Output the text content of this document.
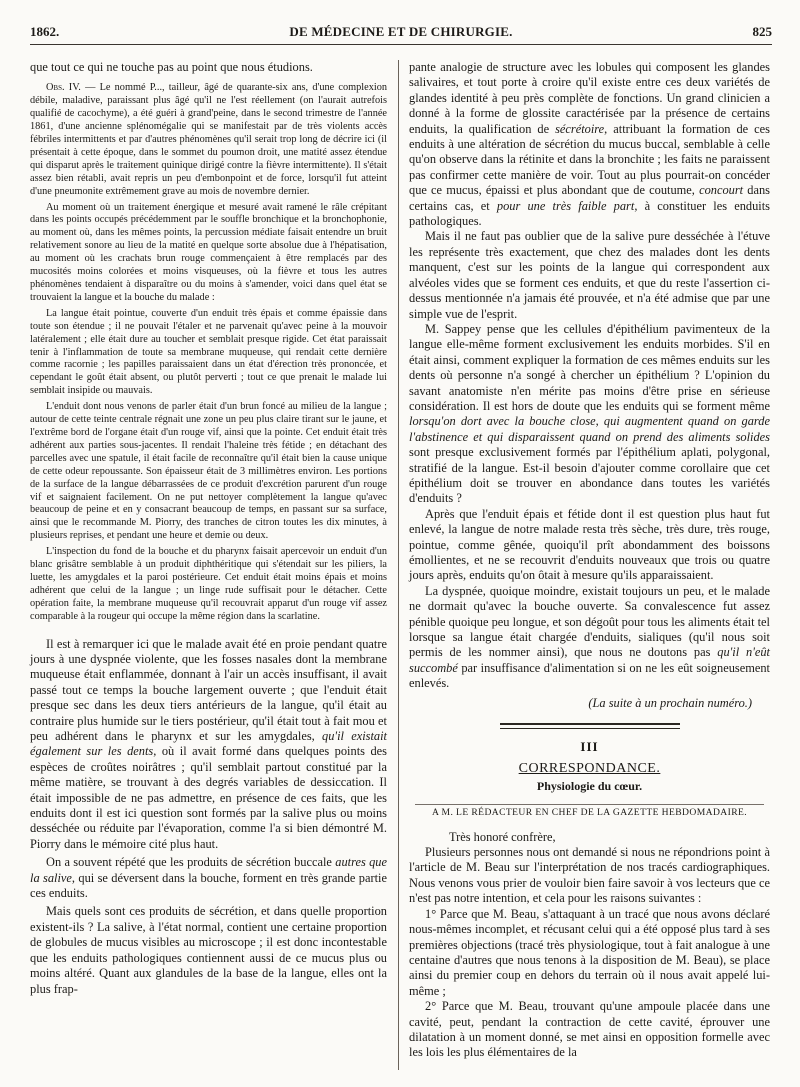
1862.	DE MÉDECINE ET DE CHIRURGIE.	825

que tout ce qui ne touche pas au point que nous étudions.

Obs. IV. — Le nommé P..., tailleur, âgé de quarante-six ans, d'une complexion débile, maladive, paraissant plus âgé qu'il ne l'est réellement (on l'aurait autrefois qualifié de cacochyme), a été guéri à grand'peine, dans le second trimestre de l'année 1861, d'une ancienne splénomégalie qui se manifestait par de très violents accès fébriles intermittents et par d'autres phénomènes qu'il serait trop long de décrire ici (il présentait à cette époque, dans le sommet du poumon droit, une matité assez étendue qui disparut après le traitement quinique dirigé contre la fièvre intermittente). Il s'était assez bien rétabli, avait repris un peu d'embonpoint et de force, lorsqu'il fut atteint d'une pneumonite extrêmement grave au mois de novembre dernier.

Au moment où un traitement énergique et mesuré avait ramené le râle crépitant dans les points occupés précédemment par le souffle bronchique et la bronchophonie, au moment où, dans les mêmes points, la percussion médiate faisait entendre un bruit relativement sonore au lieu de la matité en quelque sorte absolue due à l'hépatisation, au moment où les crachats brun rouge commençaient à être remplacés par des mucosités moins colorées et moins visqueuses, où la fièvre et tous les autres phénomènes tendaient à disparaître ou du moins à s'amender, voici dans quel état se trouvaient la langue et la bouche du malade :

La langue était pointue, couverte d'un enduit très épais et comme épaissie dans toute son étendue ; il ne pouvait l'étaler et ne parvenait qu'avec peine à la mouvoir latéralement ; elle était dure au toucher et semblait presque rigide. Cet état paraissait tenir à l'inflammation de toute sa membrane muqueuse, qui rendait cette dernière comme racornie ; les papilles paraissaient dans un état d'érection très prononcée, et cependant le goût était absent, ou plutôt perverti ; tout ce que prenait le malade lui semblait insipide ou mauvais.

L'enduit dont nous venons de parler était d'un brun foncé au milieu de la langue ; autour de cette teinte centrale régnait une zone un peu plus claire tirant sur le jaune, et l'extrême bord de l'organe était d'un rouge vif, ainsi que la pointe. Cet enduit était très adhérent aux parties sous-jacentes. Il rendait l'haleine très fétide ; en détachant des parcelles avec une spatule, il était facile de reconnaître qu'il était bien la cause unique de cette odeur repoussante. Son épaisseur était de 3 millimètres environ. Les portions de la surface de la langue débarrassées de ce produit d'excrétion parurent d'un rouge vif et saignaient facilement. On ne put nettoyer complètement la langue qu'avec beaucoup de peine et en y consacrant beaucoup de temps, en passant sur sa surface, ainsi que le recommande M. Piorry, des tranches de citron toutes les dix minutes, à plusieurs reprises, et pendant une heure et demie ou deux.

L'inspection du fond de la bouche et du pharynx faisait apercevoir un enduit d'un blanc grisâtre semblable à un produit diphthéritique qui s'étendait sur les piliers, la luette, les amygdales et la paroi postérieure. Cet enduit était moins épais et moins adhérent que celui de la langue ; un linge rude suffisait pour le détacher. Cette opération faite, la membrane muqueuse qu'il recouvrait apparut d'un rouge vif assez comparable à la rougeur qui occupe la même région dans la scarlatine.

Il est à remarquer ici que le malade avait été en proie pendant quatre jours à une dyspnée violente, que les fosses nasales dont la membrane muqueuse était enflammée, donnant à l'air un accès insuffisant, il avait passé tout ce temps la bouche largement ouverte ; que l'enduit était presque sec dans les deux tiers antérieurs de la langue, qu'il était au contraire plus humide sur le tiers postérieur, qu'il était tout à fait mou et peu adhérent dans le pharynx et sur les amygdales, qu'il existait également sur les dents, où il avait formé dans quelques points des espèces de croûtes noirâtres ; qu'il semblait partout constitué par la même matière, se trouvant à des degrés variables de dessiccation. Il était impossible de ne pas admettre, en présence de ces faits, que les enduits dont il est ici question sont formés par la salive plus ou moins desséchée ou réduite par l'évaporation, comme l'a si bien démontré M. Piorry dans le mémoire cité plus haut.

On a souvent répété que les produits de sécrétion buccale autres que la salive, qui se déversent dans la bouche, forment en très grande partie ces enduits.

Mais quels sont ces produits de sécrétion, et dans quelle proportion existent-ils ? La salive, à l'état normal, contient une certaine proportion de globules de mucus visibles au microscope ; il est donc incontestable que les enduits pathologiques contiennent aussi de ce mucus plus ou moins altéré. Quant aux glandules de la base de la langue, elles ont la plus frap-

pante analogie de structure avec les lobules qui composent les glandes salivaires, et tout porte à croire qu'il existe entre ces deux variétés de glandes identité à peu près complète de fonctions. Un grand clinicien a donné à la forme de glossite caractérisée par la présence de certains enduits, la qualification de sécrétoire, attribuant la formation de ces enduits à une altération de sécrétion du mucus buccal, semblable à celle qu'on observe dans la rétinite et dans la bronchite ; les faits ne paraissent pas confirmer cette manière de voir. Tout au plus pourrait-on concéder que ce mucus, épaissi et plus abondant que de coutume, concourt dans certains cas, et pour une très faible part, à constituer les enduits pathologiques.

Mais il ne faut pas oublier que de la salive pure desséchée à l'étuve les représente très exactement, que chez des malades dont les dents manquent, c'est sur les points de la langue qui correspondent aux alvéoles vides que se forment ces enduits, et que du reste l'assertion ci-dessus mentionnée n'a jamais été prouvée, et n'a été admise que par une simple vue de l'esprit.

M. Sappey pense que les cellules d'épithélium pavimenteux de la langue elle-même forment exclusivement les enduits morbides. S'il en était ainsi, comment expliquer la formation de ces mêmes enduits sur les dents où personne n'a songé à chercher un épithélium ? L'opinion du savant anatomiste n'en mérite pas moins d'être prise en sérieuse considération. Il est hors de doute que les enduits qui se forment même lorsqu'on dort avec la bouche close, qui augmentent quand on garde l'abstinence et qui disparaissent quand on prend des aliments solides sont presque exclusivement formés par l'épithélium aplati, polygonal, stratifié de la langue. Est-il besoin d'ajouter comme corollaire que cet épithélium doit se trouver en abondance dans toutes les variétés d'enduits ?

Après que l'enduit épais et fétide dont il est question plus haut fut enlevé, la langue de notre malade resta très sèche, très dure, très rouge, pointue, comme gênée, quoiqu'il prît abondamment des boissons émollientes, et ne se recouvrit d'enduits nouveaux que trois ou quatre jours après, enduits qu'on ôtait à mesure qu'ils apparaissaient.

La dyspnée, quoique moindre, existait toujours un peu, et le malade ne dormait qu'avec la bouche ouverte. Sa convalescence fut assez pénible quoique peu longue, et son dégoût pour tous les aliments était tel lorsque sa langue était chargée d'enduits, sialiques (qu'il nous soit permis de les nommer ainsi), que nous ne doutons pas qu'il n'eût succombé par insuffisance d'alimentation si on ne les eût soigneusement enlevés.

(La suite à un prochain numéro.)

III
CORRESPONDANCE.
Physiologie du cœur.
A M. LE RÉDACTEUR EN CHEF DE LA GAZETTE HEBDOMADAIRE.

Très honoré confrère,

Plusieurs personnes nous ont demandé si nous ne répondrions point à l'article de M. Beau sur l'interprétation de nos tracés cardiographiques. Nous venons vous prier de vouloir bien faire savoir à vos lecteurs que ce n'est pas notre intention, et cela pour les raisons suivantes :

1° Parce que M. Beau, s'attaquant à un tracé que nous avons déclaré nous-mêmes incomplet, et récusant celui qui a été opposé plus tard à ses premières objections (tracé très physiologique, tout à fait analogue à une centaine d'autres que nous tenons à la disposition de M. Beau), se place ainsi du premier coup en dehors du terrain où il nous avait appelé lui-même ;

2° Parce que M. Beau, trouvant qu'une ampoule placée dans une cavité, peut, pendant la contraction de cette cavité, éprouver une dilatation à un moment donné, se met ainsi en opposition formelle avec les lois les plus élémentaires de la
